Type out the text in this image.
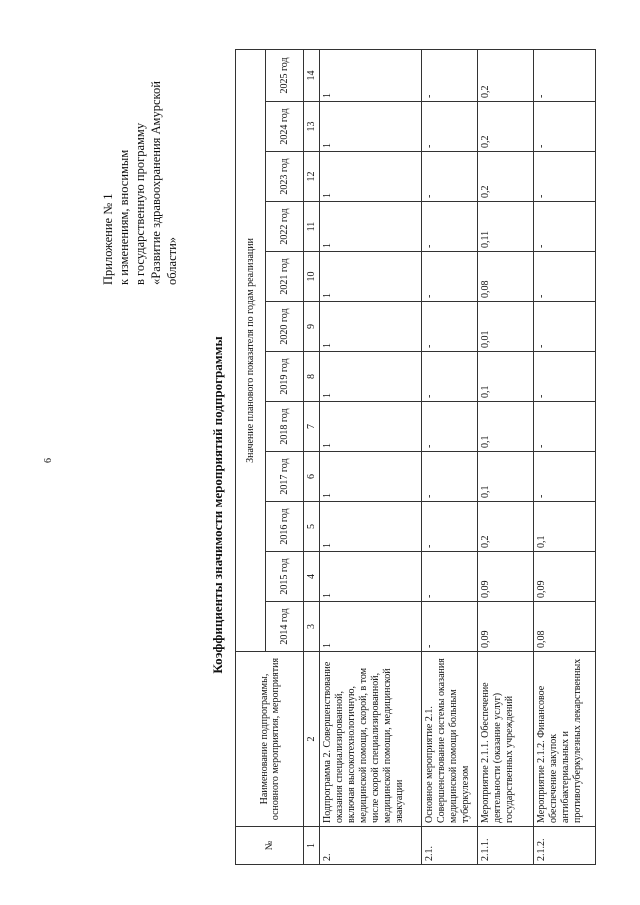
6
Приложение № 1 к изменениям, вносимым в государственную программу «Развитие здравоохранения Амурской области»
Коэффициенты значимости мероприятий подпрограммы
№	Наименование подпрограммы, основного мероприятия, мероприятия	Значение планового показателя по годам реализации											
		2014 год	2015 год	2016 год	2017 год	2018 год	2019 год	2020 год	2021 год	2022 год	2023 год	2024 год	2025 год
1	2	3	4	5	6	7	8	9	10	11	12	13	14
2.	Подпрограмма 2. Совершенствование оказания специализированной, включая высокотехнологичную, медицинской помощи, скорой, в том числе скорой специализированной, медицинской помощи, медицинской эвакуации	1	1	1	1	1	1	1	1	1	1	1	1
2.1.	Основное мероприятие 2.1. Совершенствование системы оказания медицинской помощи больным туберкулезом	-	-	-	-	-	-	-	-	-	-	-	-
2.1.1.	Мероприятие 2.1.1. Обеспечение деятельности (оказание услуг) государственных учреждений	0,09	0,09	0,2	0,1	0,1	0,1	0,01	0,08	0,11	0,2	0,2	0,2
2.1.2.	Мероприятие 2.1.2. Финансовое обеспечение закупок антибактериальных и противотуберкулезных лекарственных	0,08	0,09	0,1	-	-	-	-	-	-	-	-	-
